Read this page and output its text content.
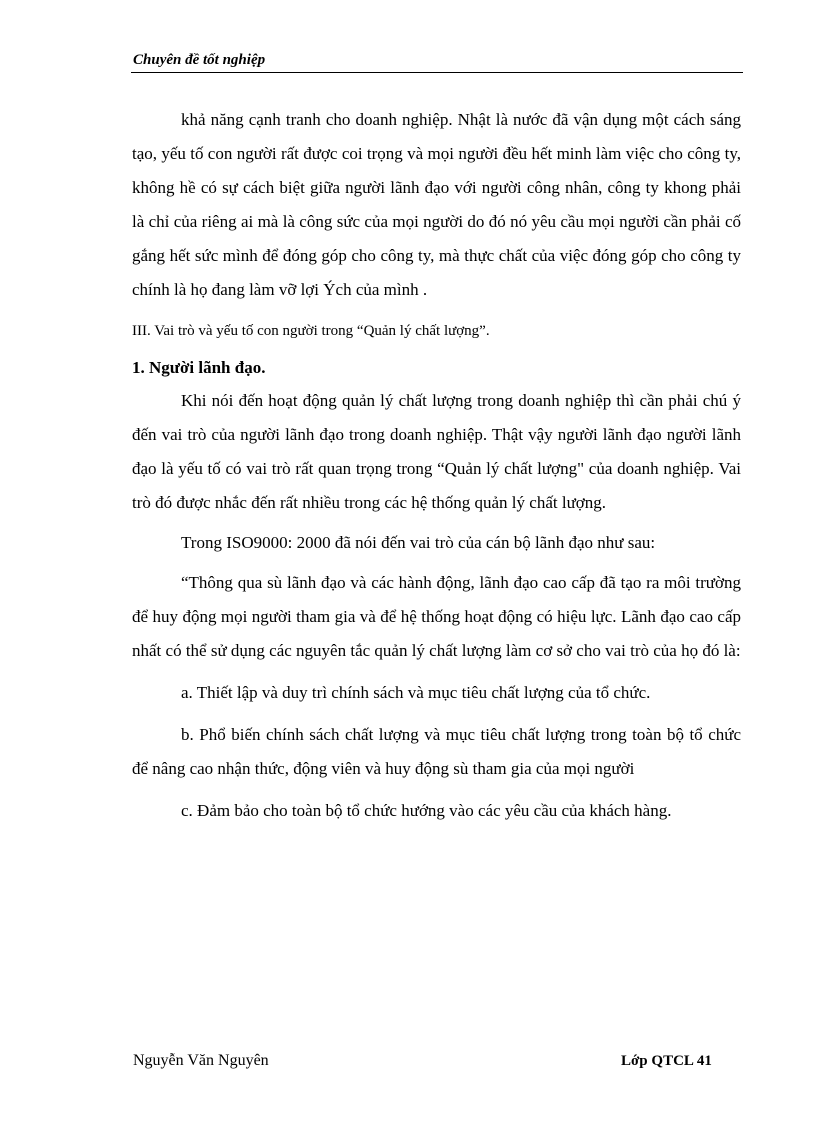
Chuyên đề tốt nghiệp

khả năng cạnh tranh cho doanh nghiệp. Nhật là nước đã vận dụng một cách sáng tạo, yếu tố con người rất được coi trọng và mọi người đều hết minh làm việc cho công ty, không hề có sự cách biệt giữa người lãnh đạo với người công nhân, công ty khong phải là chỉ của riêng ai mà là công sức của mọi người do đó nó yêu cầu mọi người cần phải cố gắng hết sức mình để đóng góp cho công ty, mà thực chất của việc đóng góp cho công ty chính là họ đang làm vỡ lợi Ých của mình .

III. Vai trò và yếu tố con người trong “Quản lý chất lượng”.

1. Người lãnh đạo.

Khi nói đến hoạt động quản lý chất lượng trong doanh nghiệp thì cần phải chú ý đến vai trò của người lãnh đạo trong doanh nghiệp. Thật vậy người lãnh đạo người lãnh đạo là yếu tố có vai trò rất quan trọng trong “Quản lý chất lượng" của doanh nghiệp. Vai trò đó được nhắc đến rất nhiều trong các hệ thống quản lý chất lượng.

Trong ISO9000: 2000 đã nói đến vai trò của cán bộ lãnh đạo như sau:

“Thông qua sù lãnh đạo và các hành động, lãnh đạo cao cấp đã tạo ra môi trường để huy động mọi người tham gia và để hệ thống hoạt động có hiệu lực. Lãnh đạo cao cấp nhất có thể sử dụng các nguyên tắc quản lý chất lượng làm cơ sở cho vai trò của họ đó là:

a. Thiết lập và duy trì chính sách và mục tiêu chất lượng của tổ chức.

b. Phổ biến chính sách chất lượng và mục tiêu chất lượng trong toàn bộ tổ chức để nâng cao nhận thức, động viên và huy động sù tham gia của mọi người

c. Đảm bảo cho toàn bộ tổ chức hướng vào các yêu cầu của khách hàng.

Nguyễn Văn Nguyên	Lớp QTCL 41
